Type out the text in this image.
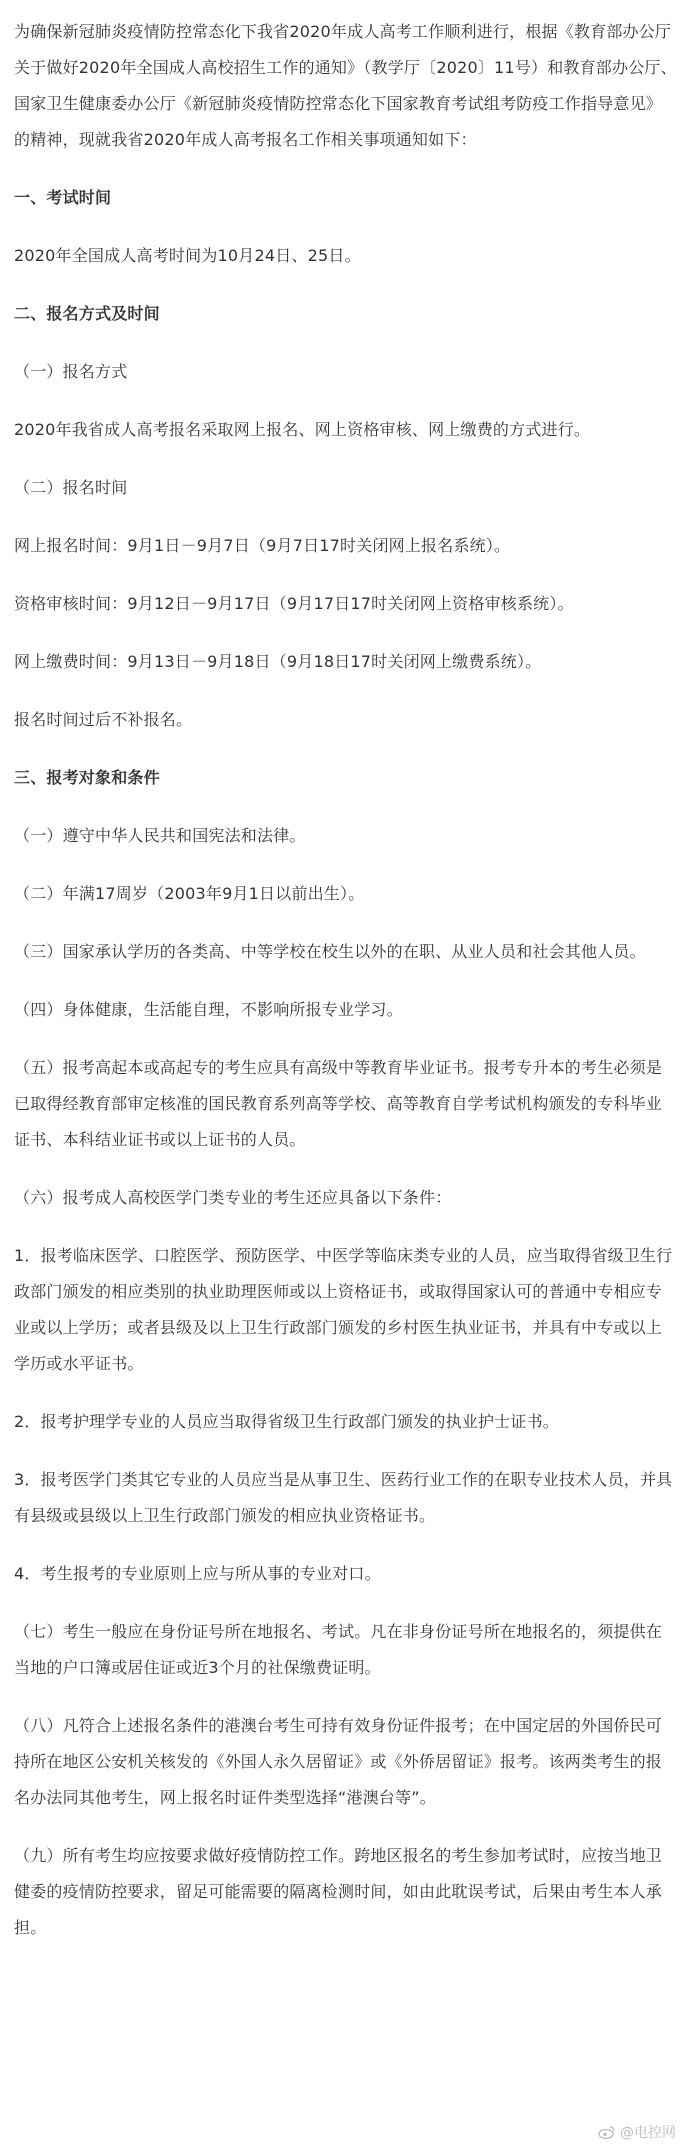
为确保新冠肺炎疫情防控常态化下我省2020年成人高考工作顺利进行，根据《教育部办公厅关于做好2020年全国成人高校招生工作的通知》（教学厅〔2020〕11号）和教育部办公厅、国家卫生健康委办公厅《新冠肺炎疫情防控常态化下国家教育考试组考防疫工作指导意见》的精神，现就我省2020年成人高考报名工作相关事项通知如下：

一、考试时间

2020年全国成人高考时间为10月24日、25日。

二、报名方式及时间

（一）报名方式

2020年我省成人高考报名采取网上报名、网上资格审核、网上缴费的方式进行。

（二）报名时间

网上报名时间：9月1日－9月7日（9月7日17时关闭网上报名系统）。

资格审核时间：9月12日－9月17日（9月17日17时关闭网上资格审核系统）。

网上缴费时间：9月13日－9月18日（9月18日17时关闭网上缴费系统）。

报名时间过后不补报名。

三、报考对象和条件

（一）遵守中华人民共和国宪法和法律。

（二）年满17周岁（2003年9月1日以前出生）。

（三）国家承认学历的各类高、中等学校在校生以外的在职、从业人员和社会其他人员。

（四）身体健康，生活能自理，不影响所报专业学习。

（五）报考高起本或高起专的考生应具有高级中等教育毕业证书。报考专升本的考生必须是已取得经教育部审定核准的国民教育系列高等学校、高等教育自学考试机构颁发的专科毕业证书、本科结业证书或以上证书的人员。

（六）报考成人高校医学门类专业的考生还应具备以下条件：

1．报考临床医学、口腔医学、预防医学、中医学等临床类专业的人员，应当取得省级卫生行政部门颁发的相应类别的执业助理医师或以上资格证书，或取得国家认可的普通中专相应专业或以上学历；或者县级及以上卫生行政部门颁发的乡村医生执业证书，并具有中专或以上学历或水平证书。

2．报考护理学专业的人员应当取得省级卫生行政部门颁发的执业护士证书。

3．报考医学门类其它专业的人员应当是从事卫生、医药行业工作的在职专业技术人员，并具有县级或县级以上卫生行政部门颁发的相应执业资格证书。

4．考生报考的专业原则上应与所从事的专业对口。

（七）考生一般应在身份证号所在地报名、考试。凡在非身份证号所在地报名的，须提供在当地的户口簿或居住证或近3个月的社保缴费证明。

（八）凡符合上述报名条件的港澳台考生可持有效身份证件报考；在中国定居的外国侨民可持所在地区公安机关核发的《外国人永久居留证》或《外侨居留证》报考。该两类考生的报名办法同其他考生，网上报名时证件类型选择“港澳台等”。

（九）所有考生均应按要求做好疫情防控工作。跨地区报名的考生参加考试时，应按当地卫健委的疫情防控要求，留足可能需要的隔离检测时间，如由此耽误考试，后果由考生本人承担。

@电控网
